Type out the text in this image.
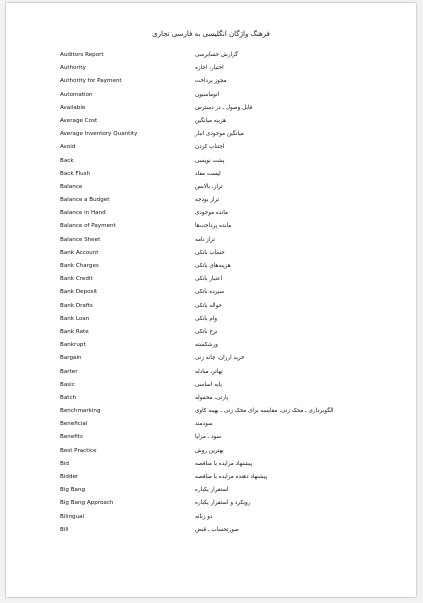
فرهنگ واژگان انگلیسی به فارسی تجاری
Auditors Report	گزارش حسابرسی
Authority	اختیار، اجازه
Authority for Payment	مجوز پرداخت
Automation	اتوماسیون
Available	قابل وصول ـ در دسترس
Average Cost	هزینه میانگین
Average Inventory Quantity	میانگین موجودی انبار
Avoid	اجتناب کردن
Back	پشت نویسی
Back Flush	لیست مفاد
Balance	تراز، بالانس
Balance a Budget	تراز بودجه
Balance in Hand	مانده موجودی
Balance of Payment	مانده پرداخت‌ها
Balance Sheet	تراز نامه
Bank Account	حساب بانکی
Bank Charges	هزینه‌های بانکی
Bank Credit	اعتبار بانکی
Bank Deposit	سپرده بانکی
Bank Drafts	حواله بانکی
Bank Loan	وام بانکی
Bank Rate	نرخ بانکی
Bankrupt	ورشکسته
Bargain	خرید ارزان، چانه زنی
Barter	تهاتر، مبادله
Basic	پایه اساسی
Batch	پارتی، محموله
Benchmarking	الگوبرداری ـ محک زنی، مقایسه برای محک زنی ـ بهینه کاوی
Beneficial	سودمند
Benefits	سود ـ مزایا
Best Practice	بهترین روش
Bid	پیشنهاد مزایده یا مناقصه
Bidder	پیشنهاد دهنده مزایده یا مناقصه
Big Bang	استقرار یکباره
Big Bang Approach	رویکرد و استقرار یکباره
Bilingual	دو زبانه
Bill	صورتحساب ـ قبض
